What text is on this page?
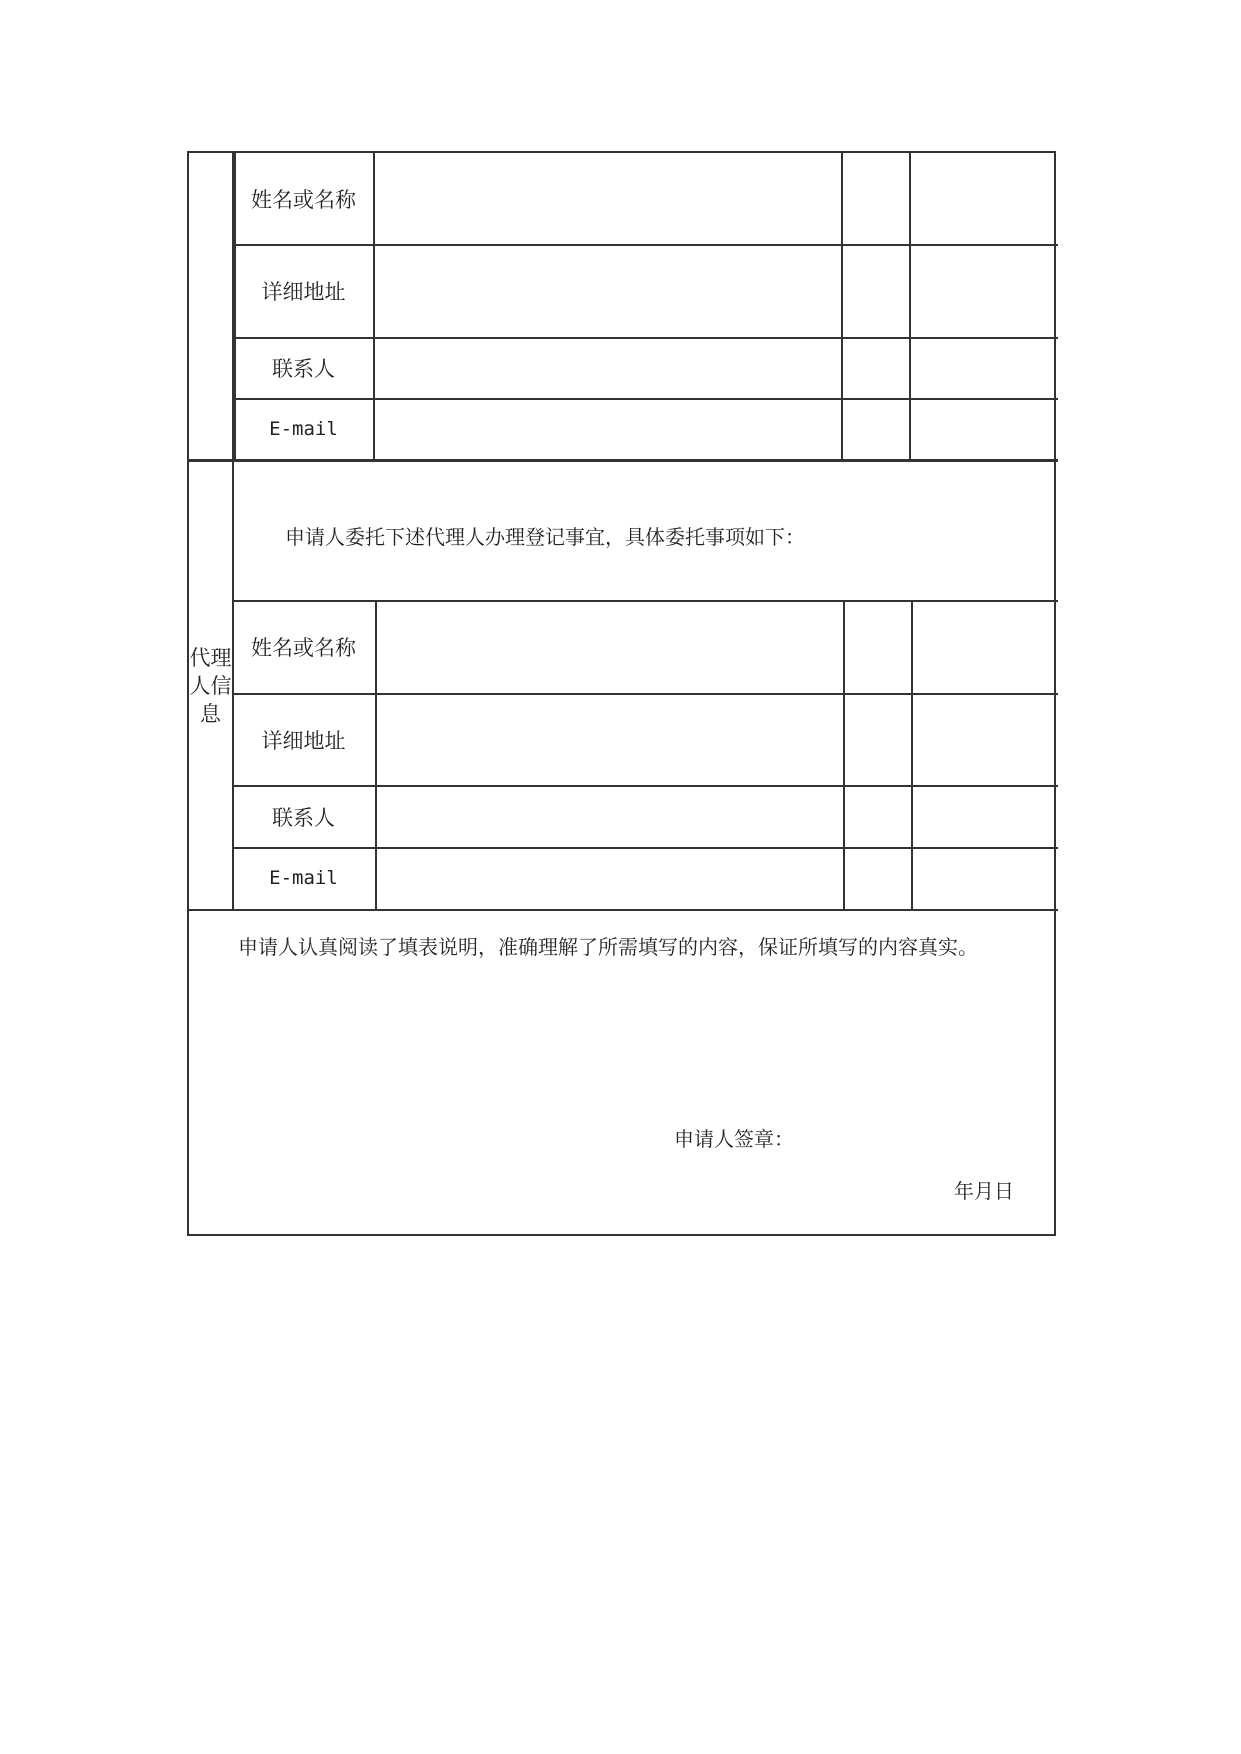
姓名或名称
详细地址
联系人
E-mail
代理人信息
申请人委托下述代理人办理登记事宜，具体委托事项如下：
姓名或名称
详细地址
联系人
E-mail
申请人认真阅读了填表说明，准确理解了所需填写的内容，保证所填写的内容真实。
申请人签章：
年月日
